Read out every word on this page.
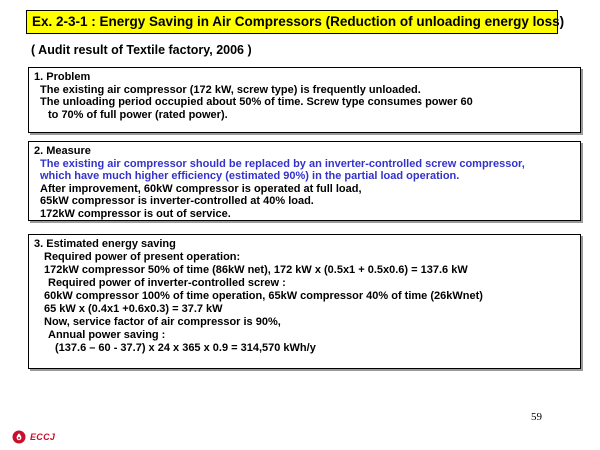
Ex. 2-3-1 : Energy Saving in Air Compressors (Reduction of unloading energy loss)
( Audit result of Textile factory, 2006 )
1. Problem
The existing air compressor (172 kW, screw type) is frequently unloaded.
The unloading period occupied about 50% of time. Screw type consumes power 60
to 70% of full power (rated power).
2. Measure
The existing air compressor should be replaced by an inverter-controlled screw compressor,
which have much higher efficiency (estimated 90%) in the partial load operation.
After improvement, 60kW compressor is operated at full load,
65kW compressor is inverter-controlled at 40% load.
172kW compressor is out of service.
3. Estimated energy saving
Required power of present operation:
172kW compressor 50% of time (86kW net), 172 kW x (0.5x1 + 0.5x0.6) = 137.6 kW
Required power of inverter-controlled screw :
60kW compressor 100% of time operation, 65kW compressor 40% of time (26kWnet)
65 kW x (0.4x1 +0.6x0.3) = 37.7 kW
Now, service factor of air compressor is 90%,
Annual power saving :
(137.6 – 60 - 37.7) x 24 x 365 x 0.9 = 314,570 kWh/y
59
ECCJ
